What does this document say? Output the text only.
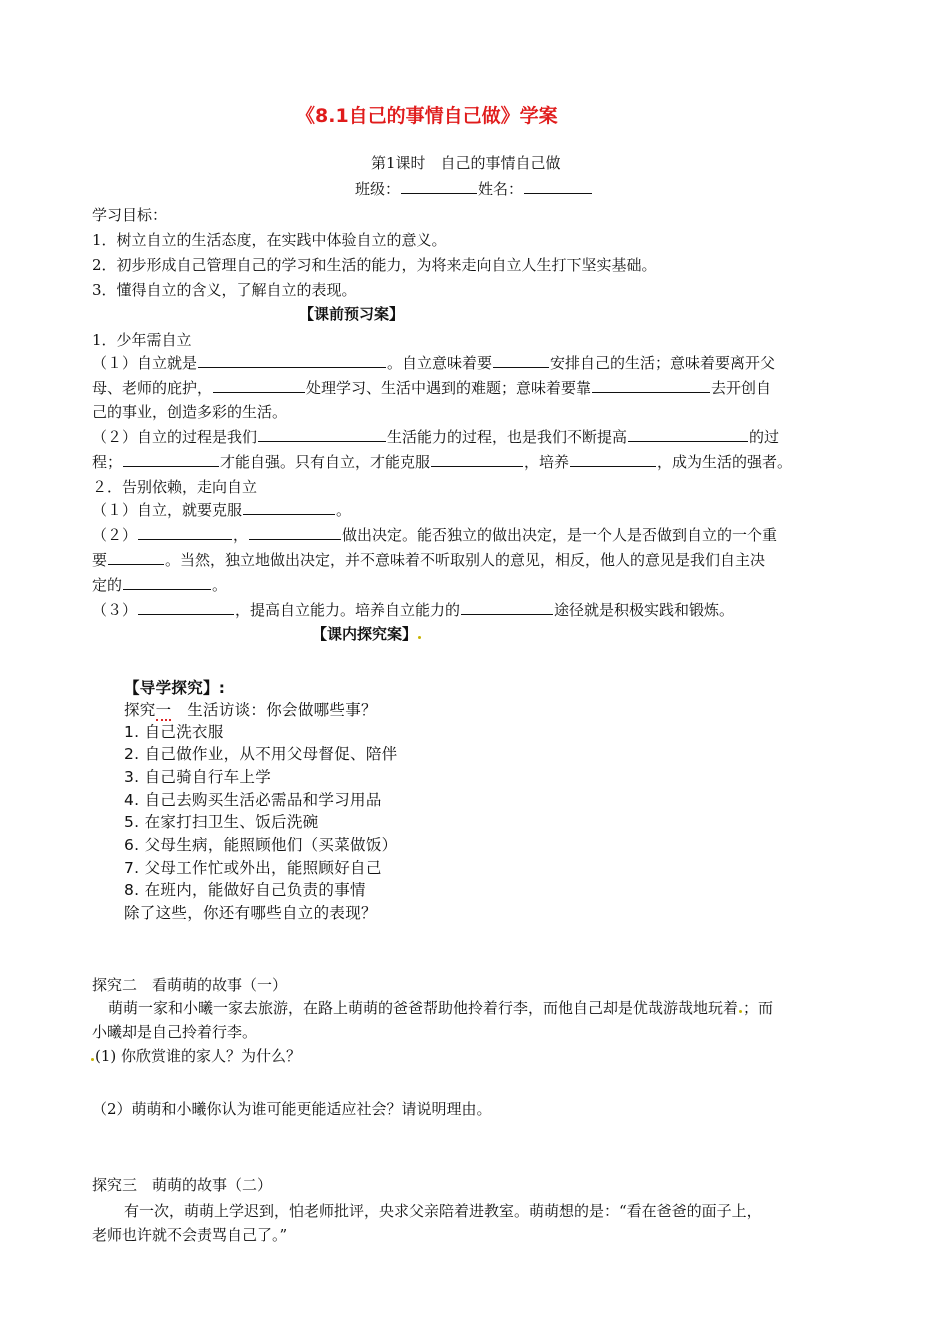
《8.1自己的事情自己做》学案
第1课时　自己的事情自己做
班级：	姓名：
学习目标：
1．树立自立的生活态度，在实践中体验自立的意义。
2．初步形成自己管理自己的学习和生活的能力，为将来走向自立人生打下坚实基础。
3．懂得自立的含义，了解自立的表现。
【课前预习案】
1．少年需自立
（１）自立就是	。自立意味着要	安排自己的生活；意味着要离开父
母、老师的庇护，	处理学习、生活中遇到的难题；意味着要靠	去开创自
己的事业，创造多彩的生活。
（２）自立的过程是我们	生活能力的过程，也是我们不断提高	的过
程；	才能自强。只有自立，才能克服	，培养	，成为生活的强者。
２．告别依赖，走向自立
（１）自立，就要克服	。
（２）	，	做出决定。能否独立的做出决定，是一个人是否做到自立的一个重
要	。当然，独立地做出决定，并不意味着不听取别人的意见，相反，他人的意见是我们自主决
定的	。
（３）	，提高自立能力。培养自立能力的	途径就是积极实践和锻炼。
【课内探究案】
【导学探究】:
探究一　生活访谈：你会做哪些事？
1. 自己洗衣服
2. 自己做作业，从不用父母督促、陪伴
3. 自己骑自行车上学
4. 自己去购买生活必需品和学习用品
5. 在家打扫卫生、饭后洗碗
6. 父母生病，能照顾他们（买菜做饭）
7. 父母工作忙或外出，能照顾好自己
8. 在班内，能做好自己负责的事情
除了这些，你还有哪些自立的表现？
探究二　看萌萌的故事（一）
萌萌一家和小曦一家去旅游，在路上萌萌的爸爸帮助他拎着行李，而他自己却是优哉游哉地玩着 ；而
小曦却是自己拎着行李。
(1) 你欣赏谁的家人？为什么？
（2）萌萌和小曦你认为谁可能更能适应社会？请说明理由。
探究三　萌萌的故事（二）
有一次，萌萌上学迟到，怕老师批评，央求父亲陪着进教室。萌萌想的是：“看在爸爸的面子上，
老师也许就不会责骂自己了。”
